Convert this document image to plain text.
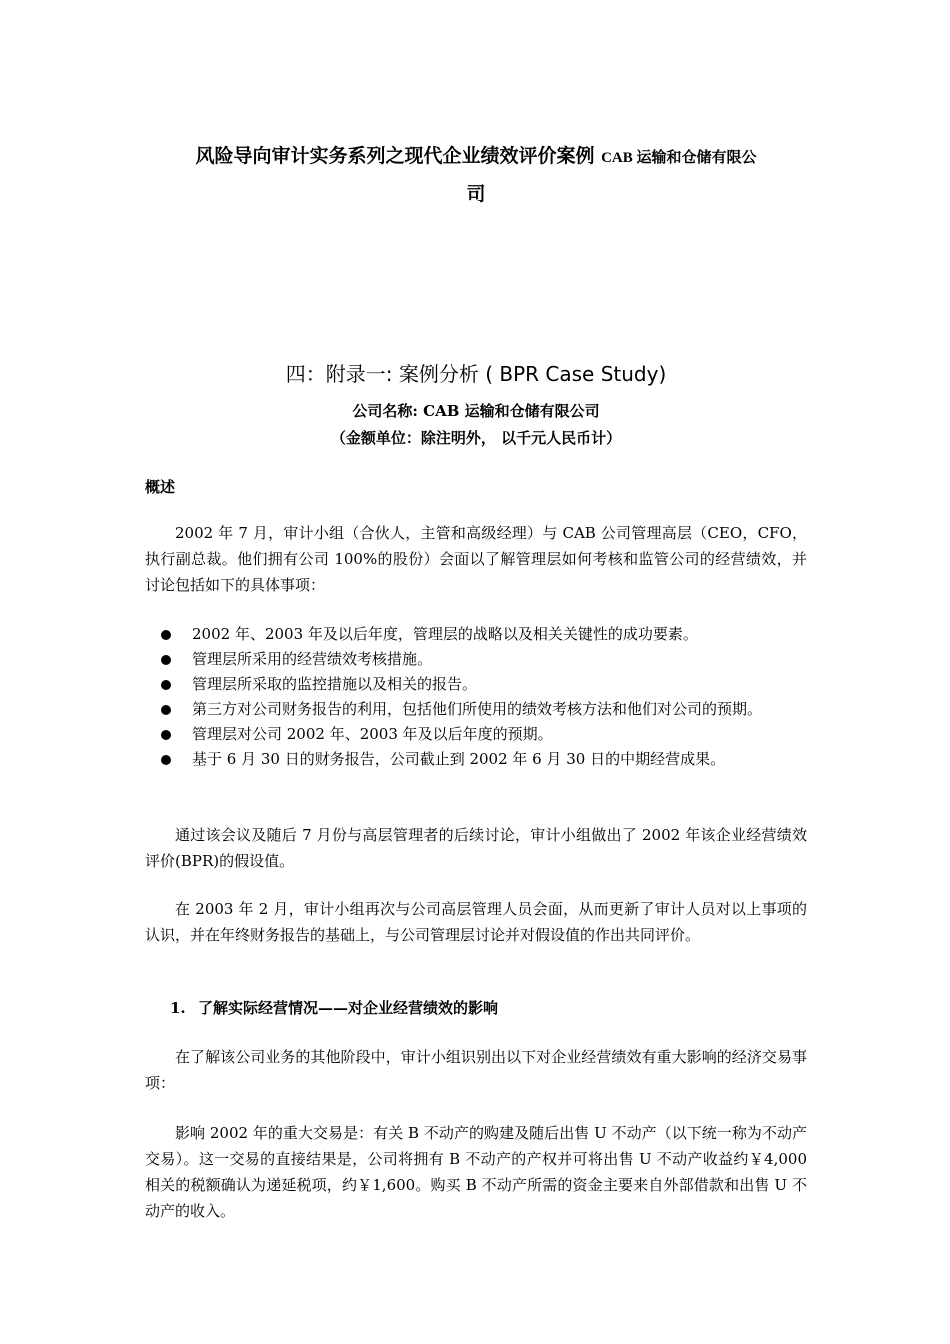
风险导向审计实务系列之现代企业绩效评价案例 CAB 运输和仓储有限公
司
四：附录一: 案例分析 ( BPR Case Study)

公司名称: CAB 运输和仓储有限公司

（金额单位：除注明外， 以千元人民币计）

概述

2002 年 7 月，审计小组（合伙人，主管和高级经理）与 CAB 公司管理高层（CEO，CFO，执行副总裁。他们拥有公司 100%的股份）会面以了解管理层如何考核和监管公司的经营绩效，并讨论包括如下的具体事项：

2002 年、2003 年及以后年度，管理层的战略以及相关关键性的成功要素。
管理层所采用的经营绩效考核措施。
管理层所采取的监控措施以及相关的报告。
第三方对公司财务报告的利用，包括他们所使用的绩效考核方法和他们对公司的预期。
管理层对公司 2002 年、2003 年及以后年度的预期。
基于 6 月 30 日的财务报告，公司截止到 2002 年 6 月 30 日的中期经营成果。

通过该会议及随后 7 月份与高层管理者的后续讨论，审计小组做出了 2002 年该企业经营绩效评价(BPR)的假设值。

在 2003 年 2 月，审计小组再次与公司高层管理人员会面，从而更新了审计人员对以上事项的认识，并在年终财务报告的基础上，与公司管理层讨论并对假设值的作出共同评价。

1. 了解实际经营情况——对企业经营绩效的影响

在了解该公司业务的其他阶段中，审计小组识别出以下对企业经营绩效有重大影响的经济交易事项：

影响 2002 年的重大交易是：有关 B 不动产的购建及随后出售 U 不动产（以下统一称为不动产交易）。这一交易的直接结果是，公司将拥有 B 不动产的产权并可将出售 U 不动产收益约￥4,000 相关的税额确认为递延税项，约￥1,600。购买 B 不动产所需的资金主要来自外部借款和出售 U 不动产的收入。
